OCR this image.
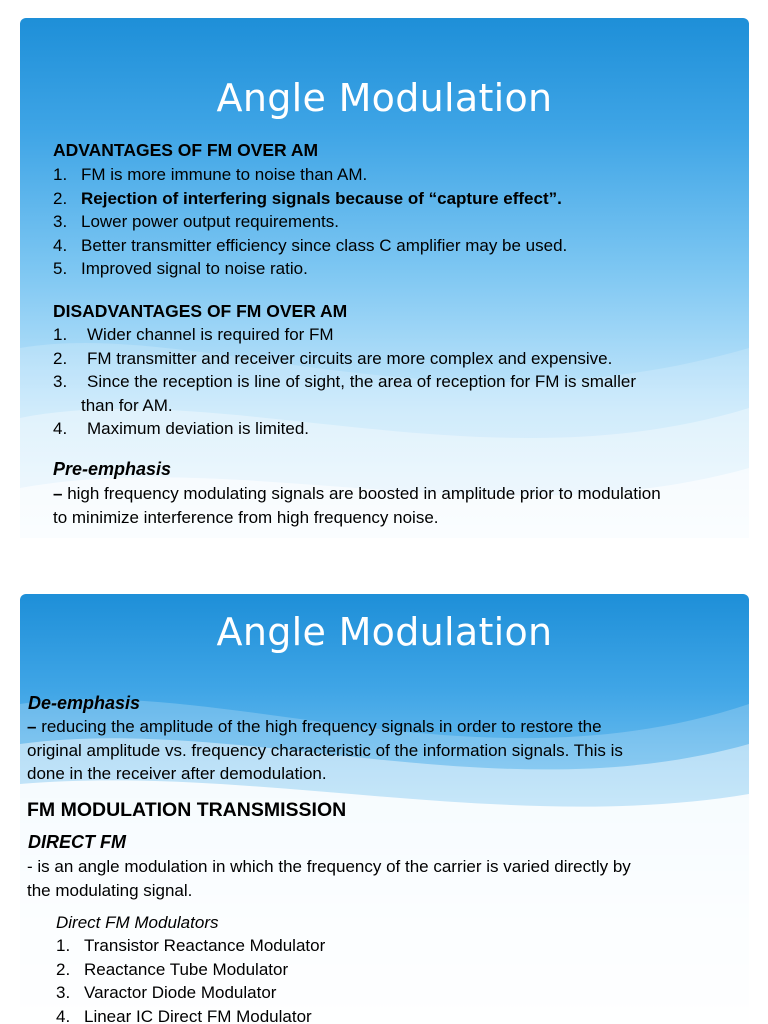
Angle Modulation
ADVANTAGES OF FM OVER AM
1. FM is more immune to noise than AM.
2. Rejection of interfering signals because of “capture effect”.
3. Lower power output requirements.
4. Better transmitter efficiency since class C amplifier may be used.
5. Improved signal to noise ratio.
DISADVANTAGES OF FM OVER AM
1. Wider channel is required for FM
2. FM transmitter and receiver circuits are more complex and expensive.
3. Since the reception is line of sight, the area of reception for FM is smaller
than for AM.
4. Maximum deviation is limited.
Pre-emphasis
– high frequency modulating signals are boosted in amplitude prior to modulation
to minimize interference from high frequency noise.
Angle Modulation
De-emphasis
– reducing the amplitude of the high frequency signals in order to restore the
original amplitude vs. frequency characteristic of the information signals. This is
done in the receiver after demodulation.
FM MODULATION TRANSMISSION
DIRECT FM
- is an angle modulation in which the frequency of the carrier is varied directly by
the modulating signal.
Direct FM Modulators
1. Transistor Reactance Modulator
2. Reactance Tube Modulator
3. Varactor Diode Modulator
4. Linear IC Direct FM Modulator
